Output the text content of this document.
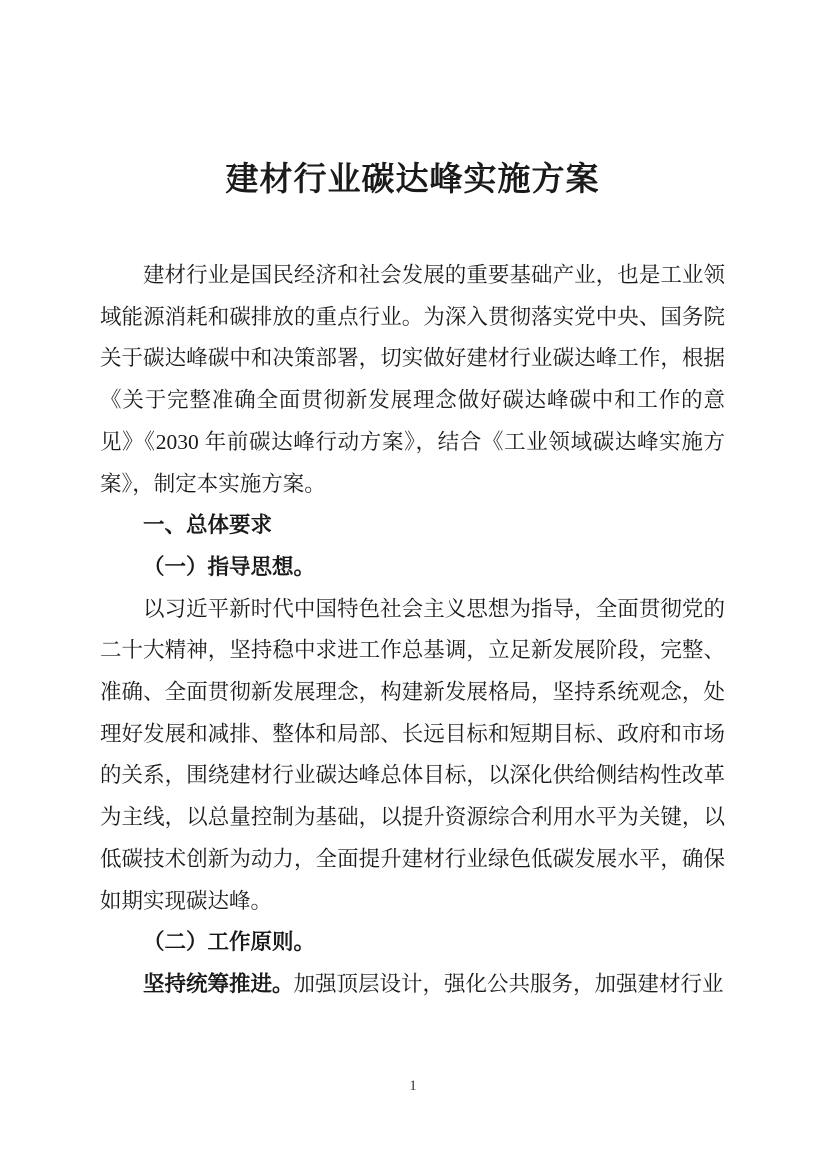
建材行业碳达峰实施方案

建材行业是国民经济和社会发展的重要基础产业，也是工业领域能源消耗和碳排放的重点行业。为深入贯彻落实党中央、国务院关于碳达峰碳中和决策部署，切实做好建材行业碳达峰工作，根据《关于完整准确全面贯彻新发展理念做好碳达峰碳中和工作的意见》《2030 年前碳达峰行动方案》，结合《工业领域碳达峰实施方案》，制定本实施方案。

一、总体要求

（一）指导思想。

以习近平新时代中国特色社会主义思想为指导，全面贯彻党的二十大精神，坚持稳中求进工作总基调，立足新发展阶段，完整、准确、全面贯彻新发展理念，构建新发展格局，坚持系统观念，处理好发展和减排、整体和局部、长远目标和短期目标、政府和市场的关系，围绕建材行业碳达峰总体目标，以深化供给侧结构性改革为主线，以总量控制为基础，以提升资源综合利用水平为关键，以低碳技术创新为动力，全面提升建材行业绿色低碳发展水平，确保如期实现碳达峰。

（二）工作原则。

坚持统筹推进。加强顶层设计，强化公共服务，加强建材行业

1
